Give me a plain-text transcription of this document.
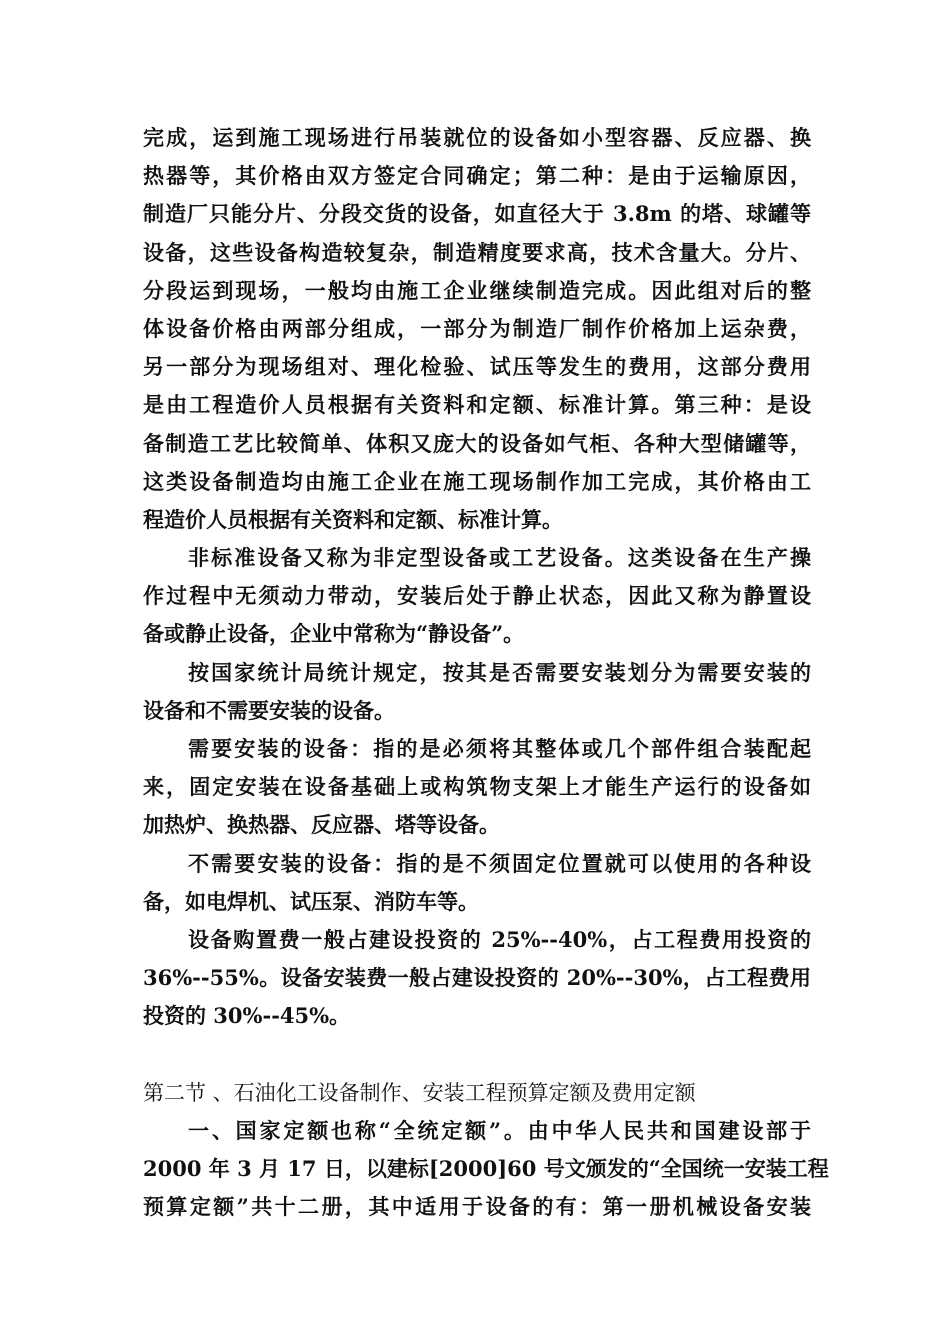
完成，运到施工现场进行吊装就位的设备如小型容器、反应器、换
热器等，其价格由双方签定合同确定；第二种：是由于运输原因，
制造厂只能分片、分段交货的设备，如直径大于 3.8m 的塔、球罐等
设备，这些设备构造较复杂，制造精度要求高，技术含量大。分片、
分段运到现场，一般均由施工企业继续制造完成。因此组对后的整
体设备价格由两部分组成，一部分为制造厂制作价格加上运杂费，
另一部分为现场组对、理化检验、试压等发生的费用，这部分费用
是由工程造价人员根据有关资料和定额、标准计算。第三种：是设
备制造工艺比较简单、体积又庞大的设备如气柜、各种大型储罐等，
这类设备制造均由施工企业在施工现场制作加工完成，其价格由工
程造价人员根据有关资料和定额、标准计算。
非标准设备又称为非定型设备或工艺设备。这类设备在生产操
作过程中无须动力带动，安装后处于静止状态，因此又称为静置设
备或静止设备，企业中常称为“静设备”。
按国家统计局统计规定，按其是否需要安装划分为需要安装的
设备和不需要安装的设备。
需要安装的设备：指的是必须将其整体或几个部件组合装配起
来，固定安装在设备基础上或构筑物支架上才能生产运行的设备如
加热炉、换热器、反应器、塔等设备。
不需要安装的设备：指的是不须固定位置就可以使用的各种设
备，如电焊机、试压泵、消防车等。
设备购置费一般占建设投资的 25%--40%，占工程费用投资的
36%--55%。设备安装费一般占建设投资的 20%--30%，占工程费用
投资的 30%--45%。
第二节 、石油化工设备制作、安装工程预算定额及费用定额
一、国家定额也称“全统定额”。由中华人民共和国建设部于
2000 年 3 月 17 日，以建标[2000]60 号文颁发的“全国统一安装工程
预算定额”共十二册，其中适用于设备的有：第一册机械设备安装
